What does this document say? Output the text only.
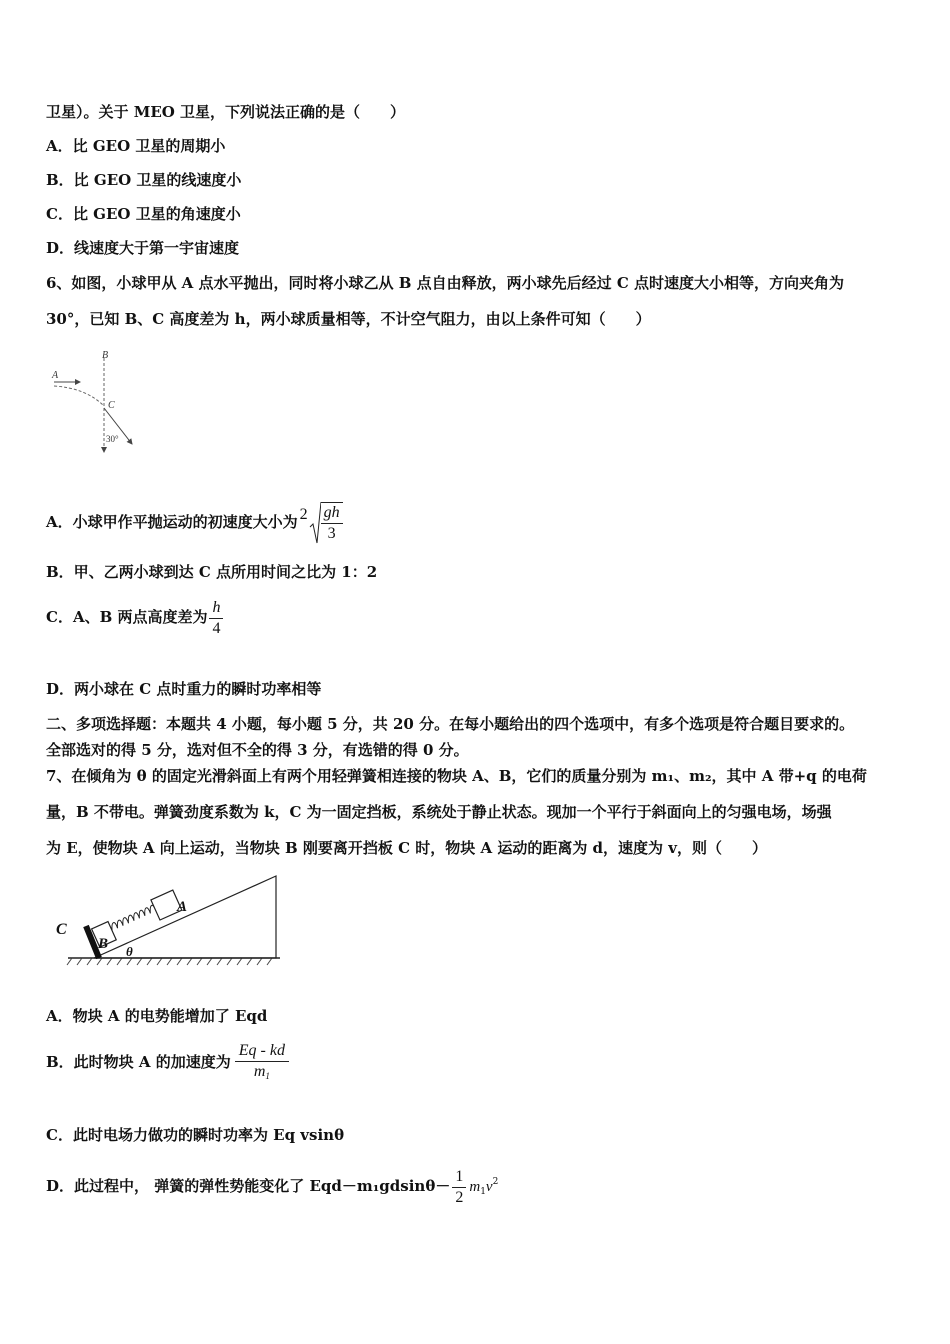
卫星）。关于 MEO 卫星，下列说法正确的是（　　）
A．比 GEO 卫星的周期小
B．比 GEO 卫星的线速度小
C．比 GEO 卫星的角速度小
D．线速度大于第一宇宙速度
6、如图，小球甲从 A 点水平抛出，同时将小球乙从 B 点自由释放，两小球先后经过 C 点时速度大小相等，方向夹角为
30°，已知 B、C 高度差为 h，两小球质量相等，不计空气阻力，由以上条件可知（　　）
B
A
C
30°
A．小球甲作平抛运动的初速度大小为 $2 \frac{gh}{3}$
B．甲、乙两小球到达 C 点所用时间之比为 1：2
C．A、B 两点高度差为 $\frac{h}{4}$
D．两小球在 C 点时重力的瞬时功率相等
二、多项选择题：本题共 4 小题，每小题 5 分，共 20 分。在每小题给出的四个选项中，有多个选项是符合题目要求的。
全部选对的得 5 分，选对但不全的得 3 分，有选错的得 0 分。
7、在倾角为 θ 的固定光滑斜面上有两个用轻弹簧相连接的物块 A、B，它们的质量分别为 m₁、m₂，其中 A 带+q 的电荷
量，B 不带电。弹簧劲度系数为 k，C 为一固定挡板，系统处于静止状态。现加一个平行于斜面向上的匀强电场，场强
为 E，使物块 A 向上运动，当物块 B 刚要离开挡板 C 时，物块 A 运动的距离为 d，速度为 v，则（　　）
C
B
A
θ
A．物块 A 的电势能增加了 Eqd
B．此时物块 A 的加速度为 $\frac{Eq - kd}{m_1}$
C．此时电场力做功的瞬时功率为 Eq vsinθ
D．此过程中， 弹簧的弹性势能变化了 $Eqd-m_1gdsin\theta- \frac{1}{2} m_1v^2$
